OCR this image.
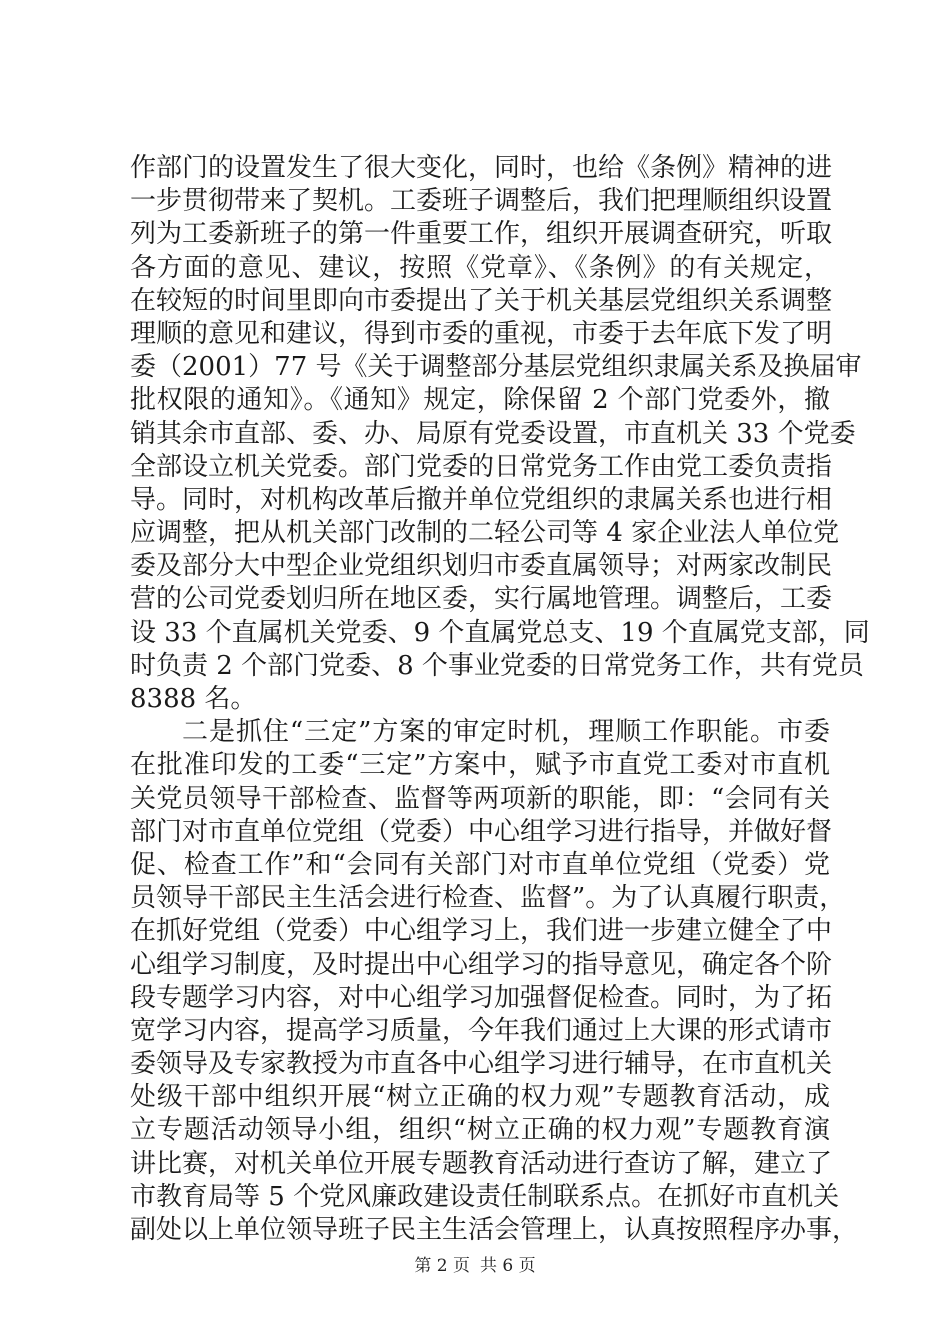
作部门的设置发生了很大变化，同时，也给《条例》精神的进
一步贯彻带来了契机。工委班子调整后，我们把理顺组织设置
列为工委新班子的第一件重要工作，组织开展调查研究，听取
各方面的意见、建议，按照《党章》、《条例》的有关规定，
在较短的时间里即向市委提出了关于机关基层党组织关系调整
理顺的意见和建议，得到市委的重视，市委于去年底下发了明
委（2001）77 号《关于调整部分基层党组织隶属关系及换届审
批权限的通知》。《通知》规定，除保留 2 个部门党委外，撤
销其余市直部、委、办、局原有党委设置，市直机关 33 个党委
全部设立机关党委。部门党委的日常党务工作由党工委负责指
导。同时，对机构改革后撤并单位党组织的隶属关系也进行相
应调整，把从机关部门改制的二轻公司等 4 家企业法人单位党
委及部分大中型企业党组织划归市委直属领导；对两家改制民
营的公司党委划归所在地区委，实行属地管理。调整后，工委
设 33 个直属机关党委、9 个直属党总支、19 个直属党支部，同
时负责 2 个部门党委、8 个事业党委的日常党务工作，共有党员
8388 名。
二是抓住“三定”方案的审定时机，理顺工作职能。市委
在批准印发的工委“三定”方案中，赋予市直党工委对市直机
关党员领导干部检查、监督等两项新的职能，即：“会同有关
部门对市直单位党组（党委）中心组学习进行指导，并做好督
促、检查工作”和“会同有关部门对市直单位党组（党委）党
员领导干部民主生活会进行检查、监督”。为了认真履行职责，
在抓好党组（党委）中心组学习上，我们进一步建立健全了中
心组学习制度，及时提出中心组学习的指导意见，确定各个阶
段专题学习内容，对中心组学习加强督促检查。同时，为了拓
宽学习内容，提高学习质量，今年我们通过上大课的形式请市
委领导及专家教授为市直各中心组学习进行辅导，在市直机关
处级干部中组织开展“树立正确的权力观”专题教育活动，成
立专题活动领导小组，组织“树立正确的权力观”专题教育演
讲比赛，对机关单位开展专题教育活动进行查访了解，建立了
市教育局等 5 个党风廉政建设责任制联系点。在抓好市直机关
副处以上单位领导班子民主生活会管理上，认真按照程序办事，
第 2 页 共 6 页
